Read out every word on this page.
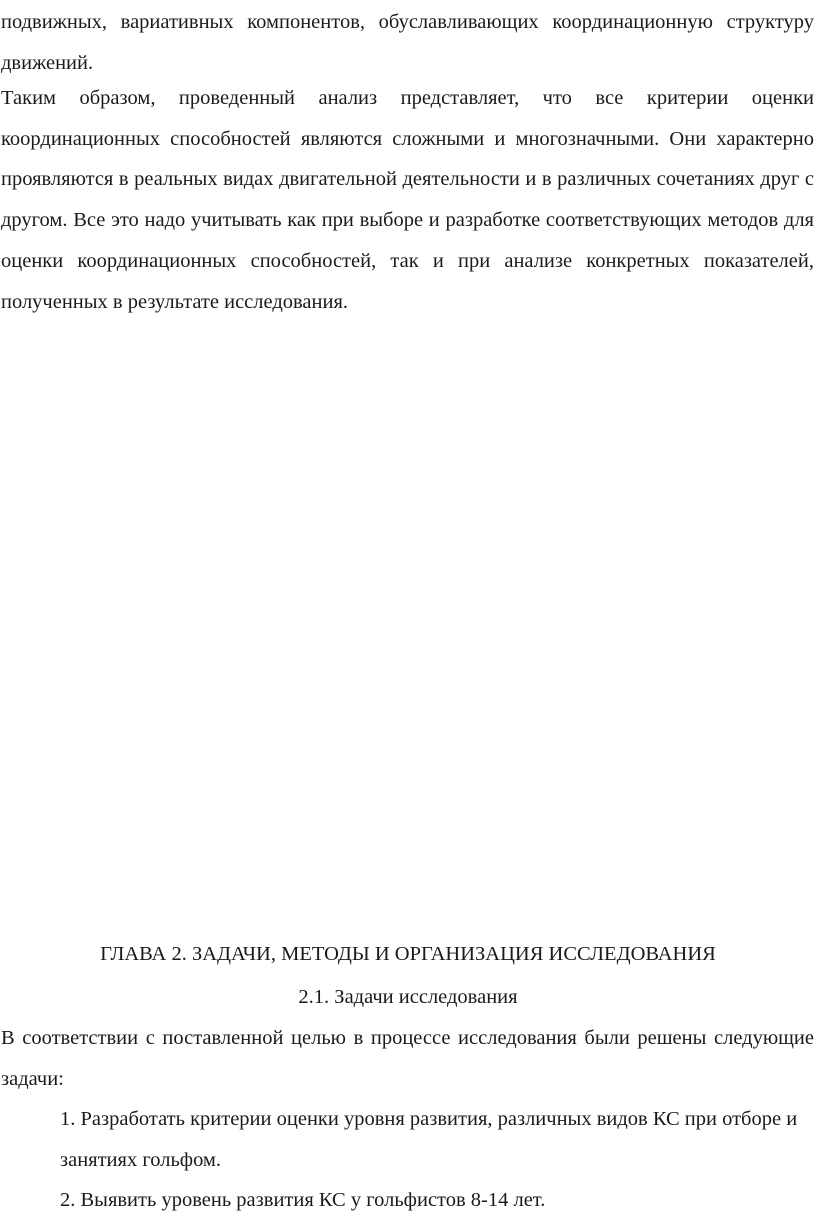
подвижных, вариативных компонентов, обуславливающих координационную структуру движений.

Таким образом, проведенный анализ представляет, что все критерии оценки координационных способностей являются сложными и многозначными. Они характерно проявляются в реальных видах двигательной деятельности и в различных сочетаниях друг с другом. Все это надо учитывать как при выборе и разработке соответствующих методов для оценки координационных способностей, так и при анализе конкретных показателей, полученных в результате исследования.

ГЛАВА 2. ЗАДАЧИ, МЕТОДЫ И ОРГАНИЗАЦИЯ ИССЛЕДОВАНИЯ
2.1. Задачи исследования

В соответствии с поставленной целью в процессе исследования были решены следующие задачи:

1. Разработать критерии оценки уровня развития, различных видов КС при отборе и занятиях гольфом.
2. Выявить уровень развития КС у гольфистов 8-14 лет.
